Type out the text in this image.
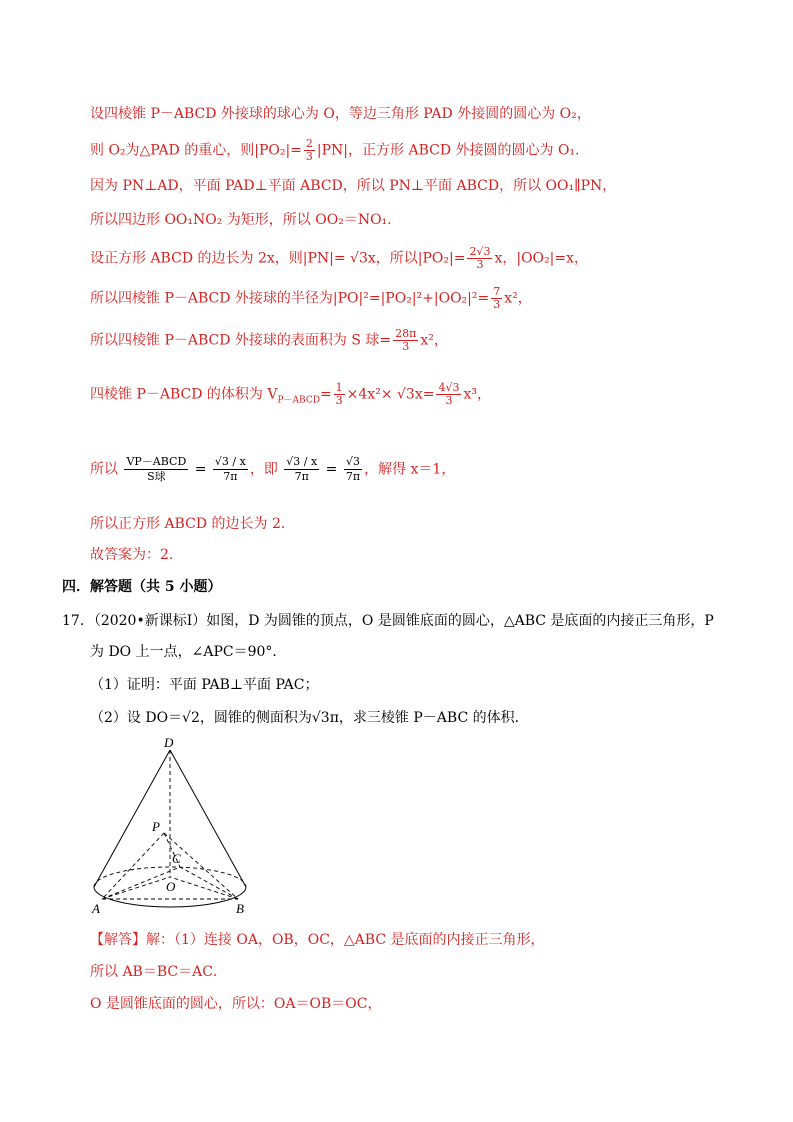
设四棱锥 P－ABCD 外接球的球心为 O，等边三角形 PAD 外接圆的圆心为 O₂，
则 O₂为△PAD 的重心，则$|PO_2|= \frac{2}{3} |PN|$，正方形 ABCD 外接圆的圆心为 O₁.
因为 PN⊥AD，平面 PAD⊥平面 ABCD，所以 PN⊥平面 ABCD，所以 OO₁∥PN，
所以四边形 OO₁NO₂ 为矩形，所以 OO₂＝NO₁.
设正方形 ABCD 的边长为 2x，则|PN|= √3x，所以$|PO_2|= \frac{2√3}{3}$ x，|OO₂|=x，
所以四棱锥 P－ABCD 外接球的半径为$|PO|^2=|PO_2|^2+|OO_2|^2= \frac{7}{3} x^2$，
所以四棱锥 P－ABCD 外接球的表面积为 S 球= $\frac{28\pi}{3} x^2$，
四棱锥 P－ABCD 的体积为 $V_{P-ABCD}= \frac{1}{3} \times 4x^2\times √3x= \frac{4√3}{3} x^3$，
所以 $\frac{\text{VP－ABCD}}{\text{S球}} = \frac{√3 / x}{7\pi}$ ，即 $\frac{√3 / x}{7\pi} = \frac{√3}{7\pi}$ ，解得 x＝1，
所以正方形 ABCD 的边长为 2.
故答案为：2.
四．解答题（共 5 小题）
17．（2020•新课标Ⅰ）如图，D 为圆锥的顶点，O 是圆锥底面的圆心，△ABC 是底面的内接正三角形，P
为 DO 上一点，∠APC＝90°．
（1）证明：平面 PAB⊥平面 PAC；
（2）设 DO＝√2，圆锥的侧面积为√3π，求三棱锥 P－ABC 的体积．
D
P
C
O
A	B
【解答】解：（1）连接 OA，OB，OC，△ABC 是底面的内接正三角形，
所以 AB＝BC＝AC．
O 是圆锥底面的圆心，所以：OA＝OB＝OC，
